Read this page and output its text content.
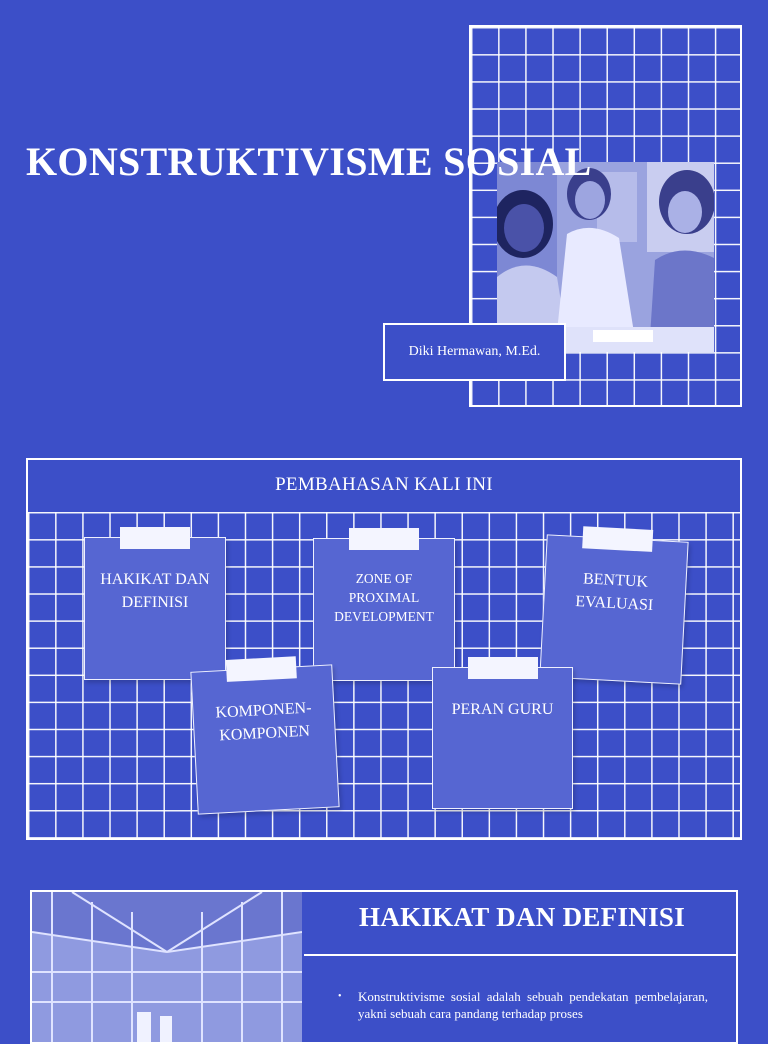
KONSTRUKTIVISME SOSIAL
Diki Hermawan, M.Ed.
PEMBAHASAN KALI INI
HAKIKAT DAN DEFINISI
ZONE OF PROXIMAL DEVELOPMENT
BENTUK EVALUASI
KOMPONEN-KOMPONEN
PERAN GURU
HAKIKAT DAN DEFINISI
• Konstruktivisme sosial adalah sebuah pendekatan pembelajaran, yakni sebuah cara pandang terhadap proses
